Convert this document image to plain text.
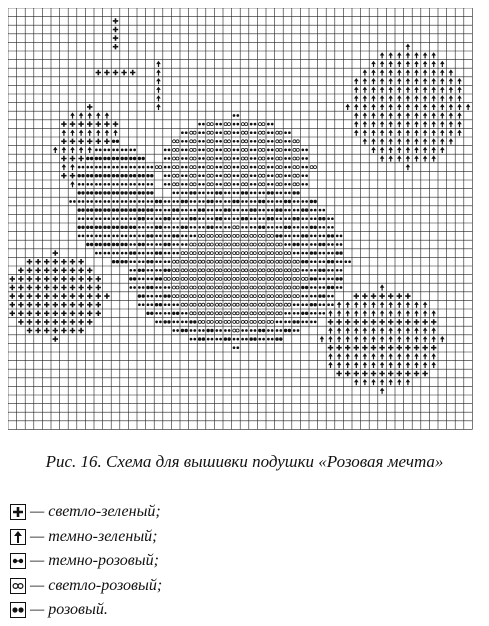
Рис. 16. Схема для вышивки подушки «Розовая мечта»
— светло-зеленый;
— темно-зеленый;
— темно-розовый;
— светло-розовый;
— розовый.
